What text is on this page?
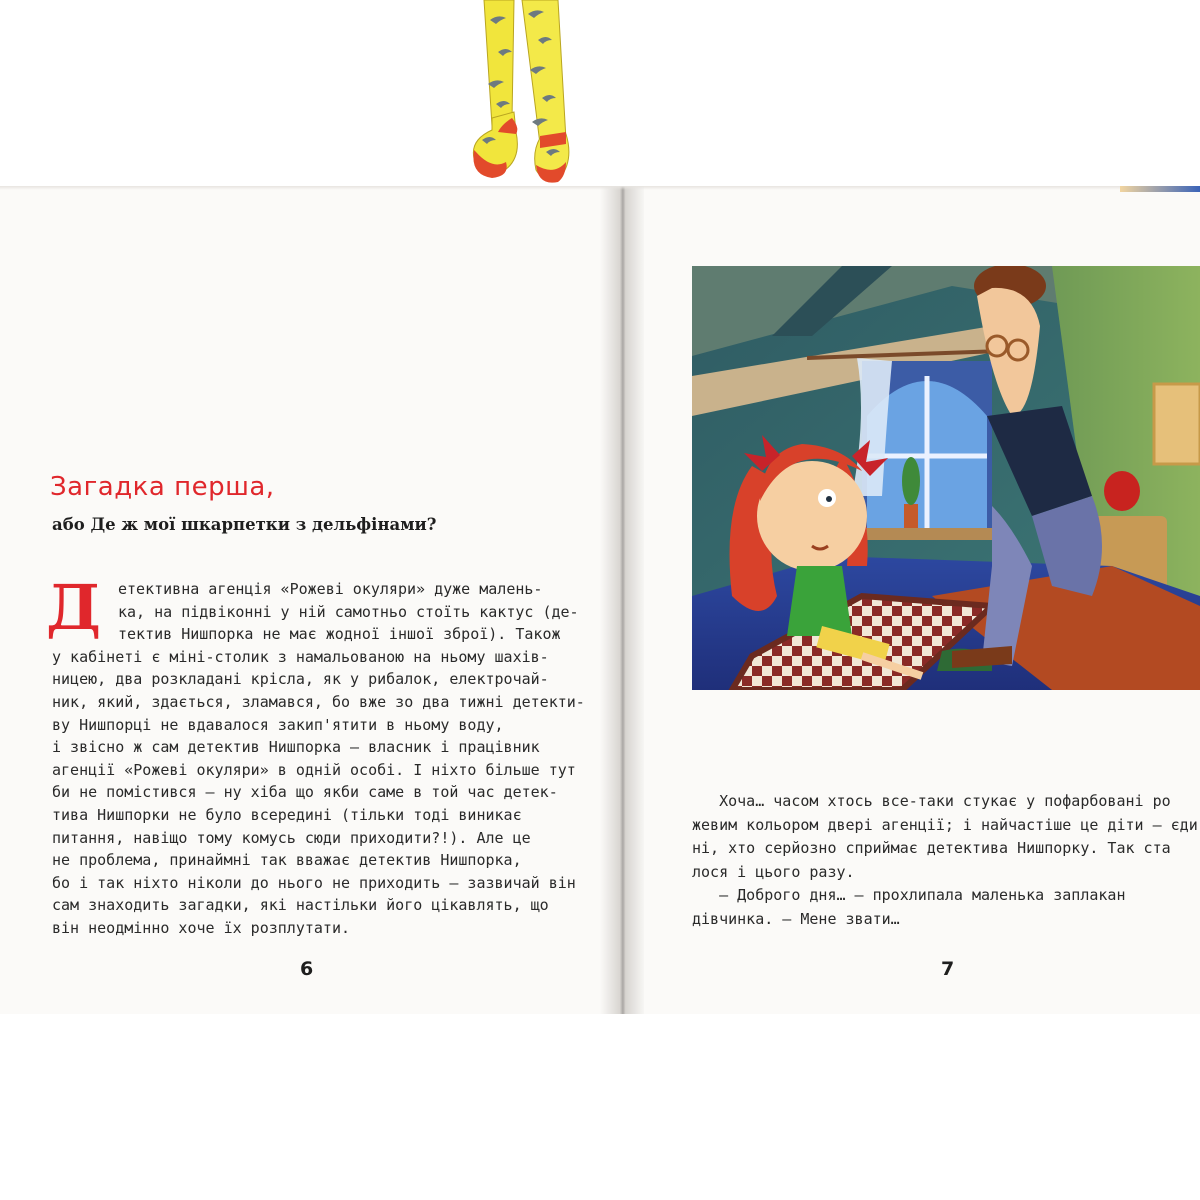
Загадка перша,
або Де ж мої шкарпетки з дельфінами?
Д	етективна агенція «Рожеві окуляри» дуже малень-
ка, на підвіконні у ній самотньо стоїть кактус (де-
тектив Нишпорка не має жодної іншої зброї). Також
у кабінеті є міні-столик з намальованою на ньому шахів-
ницею, два розкладані крісла, як у рибалок, електрочай-
ник, який, здається, зламався, бо вже зо два тижні детекти-
ву Нишпорці не вдавалося закип'ятити в ньому воду,
і звісно ж сам детектив Нишпорка — власник і працівник
агенції «Рожеві окуляри» в одній особі. І ніхто більше тут
би не помістився — ну хіба що якби саме в той час детек-
тива Нишпорки не було всередині (тільки тоді виникає
питання, навіщо тому комусь сюди приходити?!). Але це
не проблема, принаймні так вважає детектив Нишпорка,
бо і так ніхто ніколи до нього не приходить — зазвичай він
сам знаходить загадки, які настільки його цікавлять, що
він неодмінно хоче їх розплутати.
6
Хоча… часом хтось все-таки стукає у пофарбовані ро
жевим кольором двері агенції; і найчастіше це діти — єди
ні, хто серйозно сприймає детектива Нишпорку. Так ста
лося і цього разу.
— Доброго дня… — прохлипала маленька заплакан
дівчинка. — Мене звати…
7
